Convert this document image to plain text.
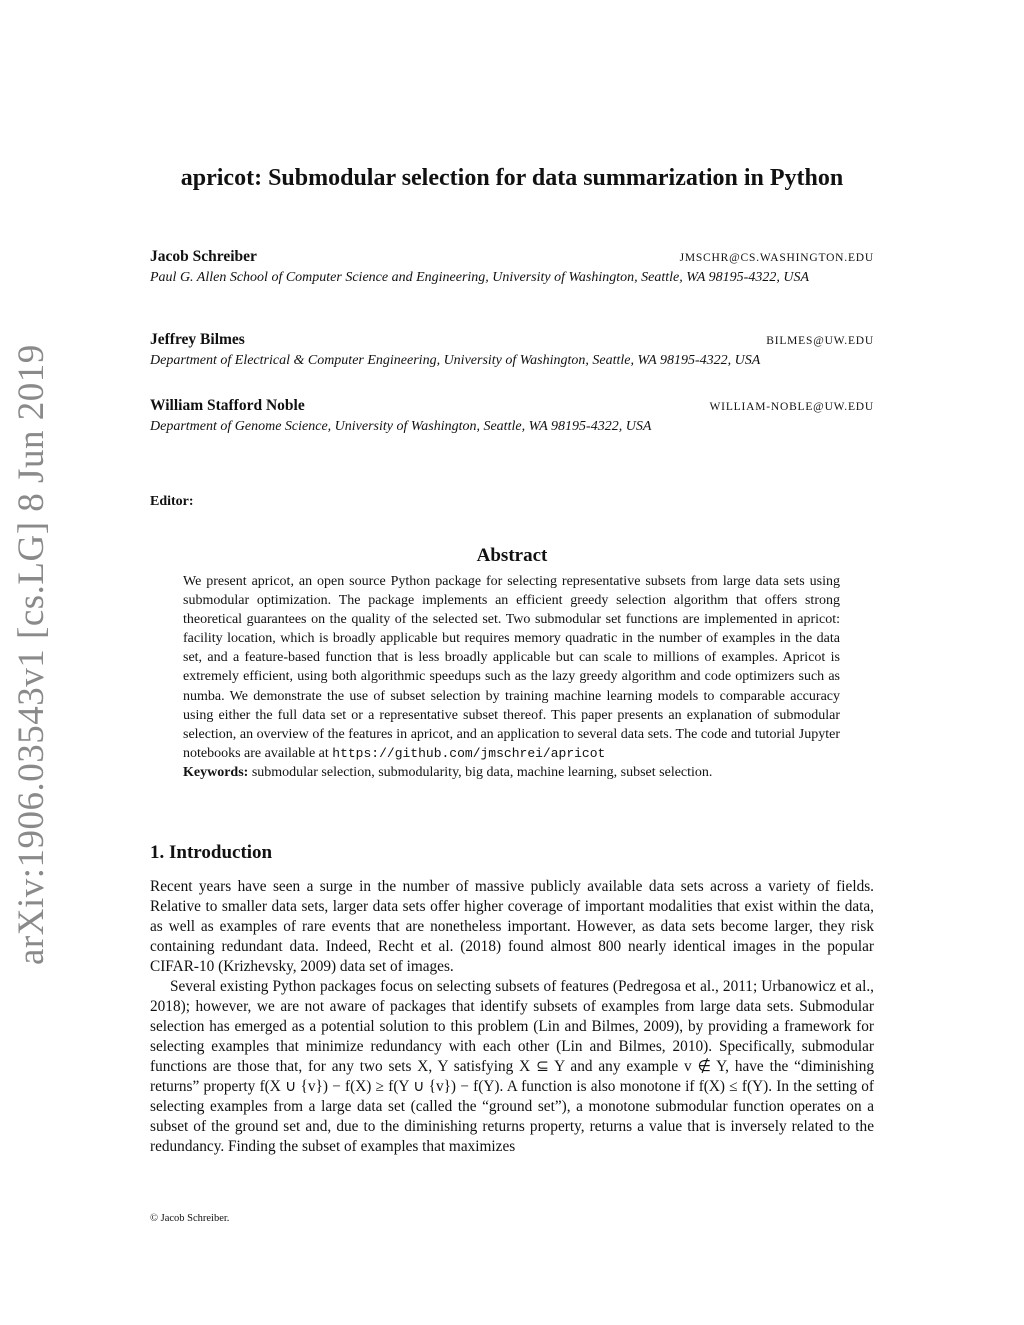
arXiv:1906.03543v1 [cs.LG] 8 Jun 2019
apricot: Submodular selection for data summarization in Python
Jacob Schreiber	JMSCHR@CS.WASHINGTON.EDU
Paul G. Allen School of Computer Science and Engineering, University of Washington, Seattle, WA 98195-4322, USA
Jeffrey Bilmes	BILMES@UW.EDU
Department of Electrical & Computer Engineering, University of Washington, Seattle, WA 98195-4322, USA
William Stafford Noble	WILLIAM-NOBLE@UW.EDU
Department of Genome Science, University of Washington, Seattle, WA 98195-4322, USA
Editor:
Abstract
We present apricot, an open source Python package for selecting representative subsets from large data sets using submodular optimization. The package implements an efficient greedy selection algorithm that offers strong theoretical guarantees on the quality of the selected set. Two submodular set functions are implemented in apricot: facility location, which is broadly applicable but requires memory quadratic in the number of examples in the data set, and a feature-based function that is less broadly applicable but can scale to millions of examples. Apricot is extremely efficient, using both algorithmic speedups such as the lazy greedy algorithm and code optimizers such as numba. We demonstrate the use of subset selection by training machine learning models to comparable accuracy using either the full data set or a representative subset thereof. This paper presents an explanation of submodular selection, an overview of the features in apricot, and an application to several data sets. The code and tutorial Jupyter notebooks are available at https://github.com/jmschrei/apricot
Keywords: submodular selection, submodularity, big data, machine learning, subset selection.
1. Introduction

Recent years have seen a surge in the number of massive publicly available data sets across a variety of fields. Relative to smaller data sets, larger data sets offer higher coverage of important modalities that exist within the data, as well as examples of rare events that are nonetheless important. However, as data sets become larger, they risk containing redundant data. Indeed, Recht et al. (2018) found almost 800 nearly identical images in the popular CIFAR-10 (Krizhevsky, 2009) data set of images.

Several existing Python packages focus on selecting subsets of features (Pedregosa et al., 2011; Urbanowicz et al., 2018); however, we are not aware of packages that identify subsets of examples from large data sets. Submodular selection has emerged as a potential solution to this problem (Lin and Bilmes, 2009), by providing a framework for selecting examples that minimize redundancy with each other (Lin and Bilmes, 2010). Specifically, submodular functions are those that, for any two sets X, Y satisfying X ⊆ Y and any example v ∉ Y, have the “diminishing returns” property f(X ∪ {v}) − f(X) ≥ f(Y ∪ {v}) − f(Y). A function is also monotone if f(X) ≤ f(Y). In the setting of selecting examples from a large data set (called the “ground set”), a monotone submodular function operates on a subset of the ground set and, due to the diminishing returns property, returns a value that is inversely related to the redundancy. Finding the subset of examples that maximizes

© Jacob Schreiber.
